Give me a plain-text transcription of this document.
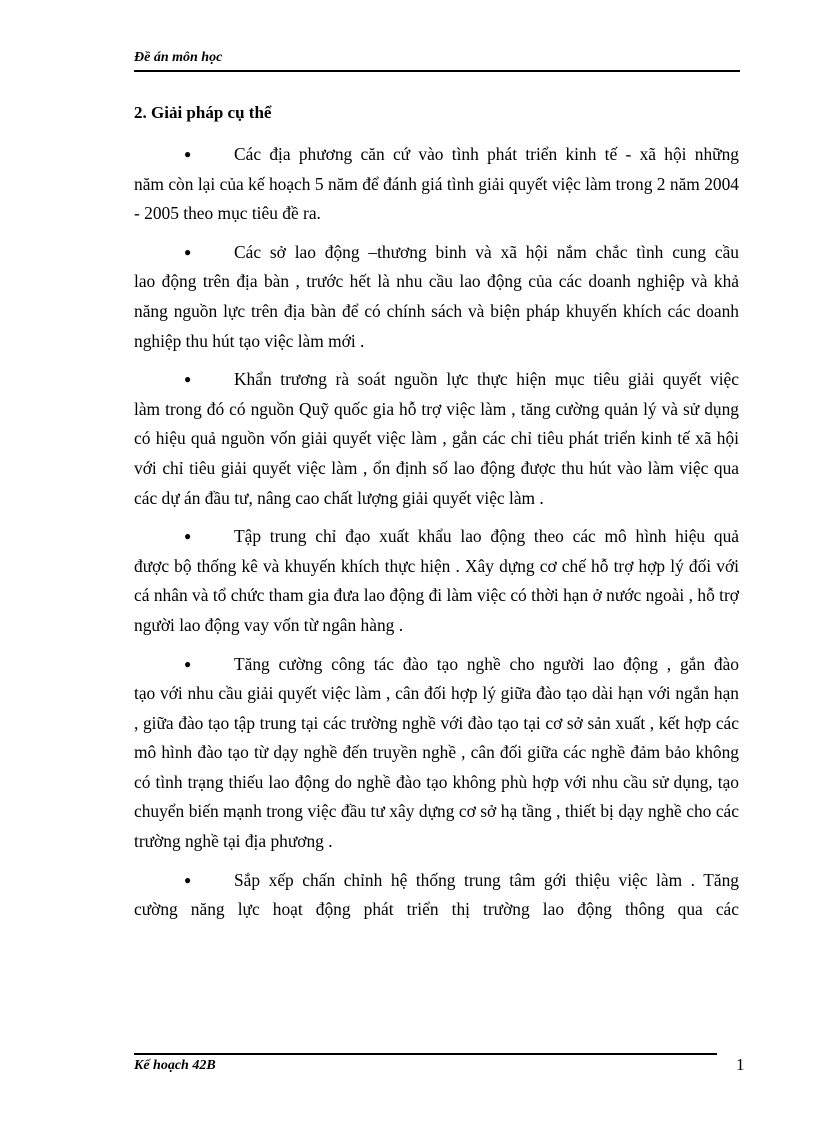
Đề án môn học
2. Giải pháp cụ thể
●	Các địa phương căn cứ vào tình phát triển kinh tế - xã hội những
năm còn lại của kế hoạch 5 năm để đánh giá tình giải quyết việc làm trong 2 năm 2004 - 2005 theo mục tiêu đề ra.
●	Các sở lao động –thương binh và xã hội nắm chắc tình cung cầu
lao động trên địa bàn , trước hết là nhu cầu lao động của các doanh nghiệp và khả năng nguồn lực trên địa bàn để có chính sách và biện pháp khuyến khích các doanh nghiệp thu hút tạo việc làm mới .
●	Khẩn trương rà soát nguồn lực thực hiện mục tiêu giải quyết việc
làm trong đó có nguồn Quỹ quốc gia hỗ trợ việc làm , tăng cường quản lý và sử dụng có hiệu quả nguồn vốn giải quyết việc làm , gắn các chỉ tiêu phát triển kinh tế xã hội với chỉ tiêu giải quyết việc làm , ổn định số lao động được thu hút vào làm việc qua các dự án đầu tư, nâng cao chất lượng giải quyết việc làm .
●	Tập trung chỉ đạo xuất khẩu lao động theo các mô hình hiệu quả
được bộ thống kê và khuyến khích thực hiện . Xây dựng cơ chế hỗ trợ hợp lý đối với cá nhân và tổ chức tham gia đưa lao động đi làm việc có thời hạn ở nước ngoài , hỗ trợ người lao động vay vốn từ ngân hàng .
●	Tăng cường công tác đào tạo nghề cho người lao động , gắn đào
tạo với nhu cầu giải quyết việc làm , cân đối hợp lý giữa đào tạo dài hạn với ngắn hạn , giữa đào tạo tập trung tại các trường nghề với đào tạo tại cơ sở sản xuất , kết hợp các mô hình đào tạo từ dạy nghề đến truyền nghề , cân đối giữa các nghề đảm bảo không có tình trạng thiếu lao động do nghề đào tạo không phù hợp với nhu cầu sử dụng, tạo chuyển biến mạnh trong việc đầu tư xây dựng cơ sở hạ tầng , thiết bị dạy nghề cho các trường nghề tại địa phương .
●	Sắp xếp chấn chỉnh hệ thống trung tâm gới thiệu việc làm . Tăng
cường năng lực hoạt động phát triển thị trường lao động thông qua các
Kế hoạch 42B	1
